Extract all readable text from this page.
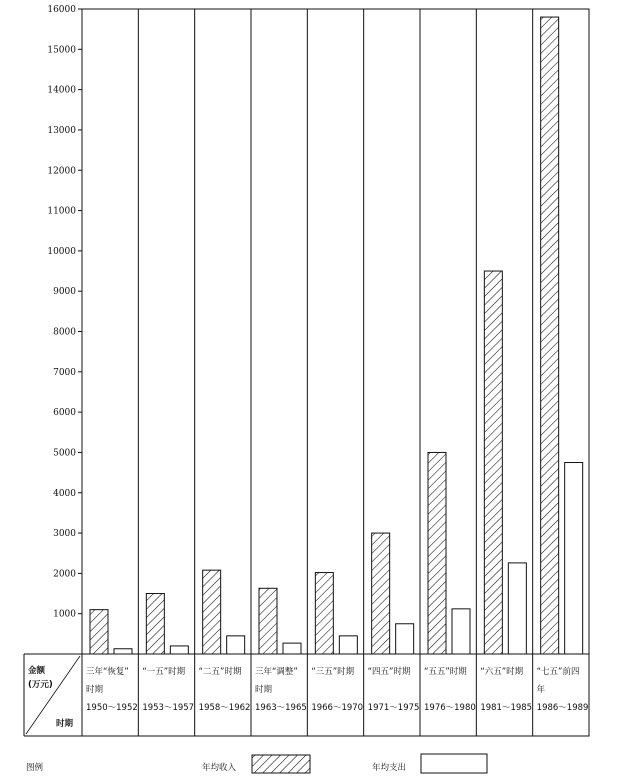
1000
2000
3000
4000
5000
6000
7000
8000
9000
10000
11000
12000
13000
14000
15000
16000
三年“恢复”
时期
1950～1952
“一五”时期
1953～1957
“二五”时期
1958～1962
三年“调整”
时期
1963～1965
“三五”时期
1966～1970
“四五”时期
1971～1975
“五五”时期
1976～1980
“六五”时期
1981～1985
“七五”前四
年
1986～1989
金额
(万元)
时期
图例	年均收入	年均支出
